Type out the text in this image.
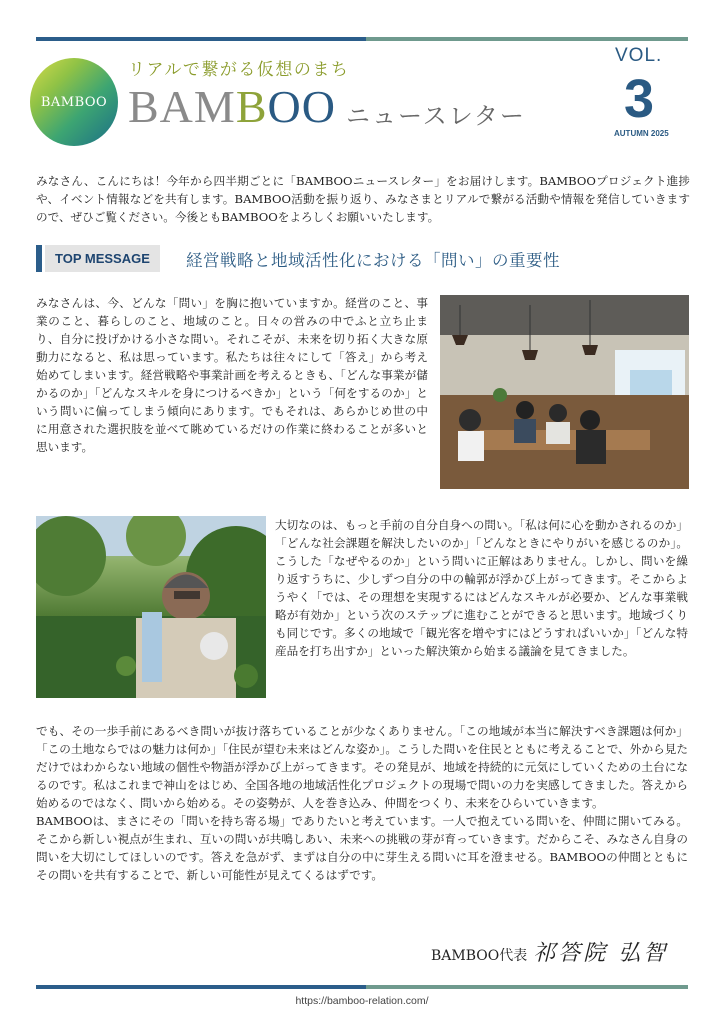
BAMBOO
リアルで繋がる仮想のまち
BAMBOO ニュースレター
VOL.
3
AUTUMN 2025
みなさん、こんにちは！今年から四半期ごとに「BAMBOOニュースレター」をお届けします。BAMBOOプロジェクト進捗や、イベント情報などを共有します。BAMBOO活動を振り返り、みなさまとリアルで繋がる活動や情報を発信していきますので、ぜひご覧ください。今後ともBAMBOOをよろしくお願いいたします。
TOP MESSAGE	経営戦略と地域活性化における「問い」の重要性
みなさんは、今、どんな「問い」を胸に抱いていますか。経営のこと、事業のこと、暮らしのこと、地域のこと。日々の営みの中でふと立ち止まり、自分に投げかける小さな問い。それこそが、未来を切り拓く大きな原動力になると、私は思っています。私たちは往々にして「答え」から考え始めてしまいます。経営戦略や事業計画を考えるときも、「どんな事業が儲かるのか」「どんなスキルを身につけるべきか」という「何をするのか」という問いに偏ってしまう傾向にあります。でもそれは、あらかじめ世の中に用意された選択肢を並べて眺めているだけの作業に終わることが多いと思います。
大切なのは、もっと手前の自分自身への問い。「私は何に心を動かされるのか」「どんな社会課題を解決したいのか」「どんなときにやりがいを感じるのか」。こうした「なぜやるのか」という問いに正解はありません。しかし、問いを繰り返すうちに、少しずつ自分の中の輪郭が浮かび上がってきます。そこからようやく「では、その理想を実現するにはどんなスキルが必要か、どんな事業戦略が有効か」という次のステップに進むことができると思います。地域づくりも同じです。多くの地域で「観光客を増やすにはどうすればいいか」「どんな特産品を打ち出すか」といった解決策から始まる議論を見てきました。
でも、その一歩手前にあるべき問いが抜け落ちていることが少なくありません。「この地域が本当に解決すべき課題は何か」「この土地ならではの魅力は何か」「住民が望む未来はどんな姿か」。こうした問いを住民とともに考えることで、外から見ただけではわからない地域の個性や物語が浮かび上がってきます。その発見が、地域を持続的に元気にしていくための土台になるのです。私はこれまで神山をはじめ、全国各地の地域活性化プロジェクトの現場で問いの力を実感してきました。答えから始めるのではなく、問いから始める。その姿勢が、人を巻き込み、仲間をつくり、未来をひらいていきます。
BAMBOOは、まさにその「問いを持ち寄る場」でありたいと考えています。一人で抱えている問いを、仲間に開いてみる。そこから新しい視点が生まれ、互いの問いが共鳴しあい、未来への挑戦の芽が育っていきます。だからこそ、みなさん自身の問いを大切にしてほしいのです。答えを急がず、まずは自分の中に芽生える問いに耳を澄ませる。BAMBOOの仲間とともにその問いを共有することで、新しい可能性が見えてくるはずです。
BAMBOO代表 祁答院 弘智
https://bamboo-relation.com/
